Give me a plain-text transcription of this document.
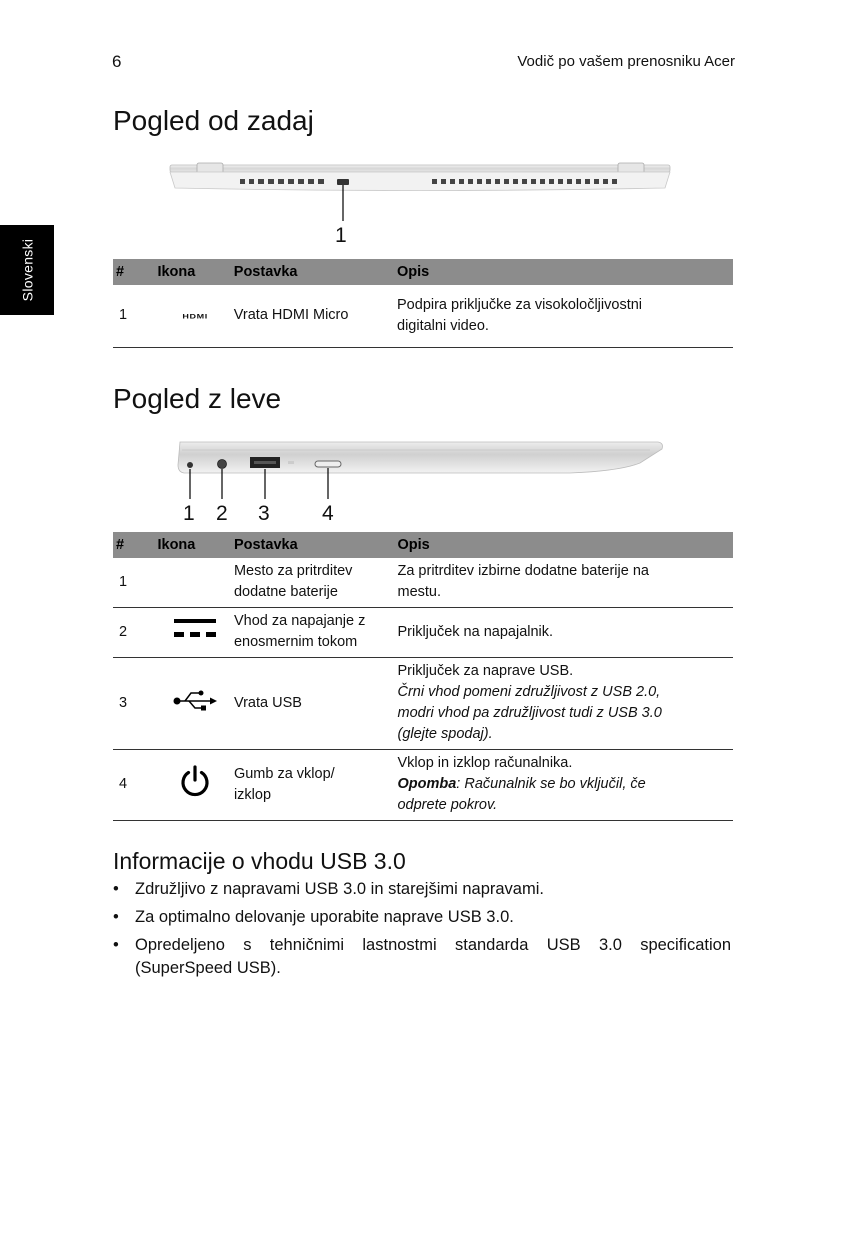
6	Vodič po vašem prenosniku Acer
Slovenski
Pogled od zadaj
1
#	Ikona	Postavka	Opis
1	HDMI	Vrata HDMI Micro	Podpira priključke za visokoločljivostni
digitalni video.
Pogled z leve
1 2 3 4
#	Ikona	Postavka	Opis
1		Mesto za pritrditev
dodatne baterije	Za pritrditev izbirne dodatne baterije na
mestu.

2		Vhod za napajanje z
enosmernim tokom	Priključek na napajalnik.

3		Vrata USB	Priključek za naprave USB.
Črni vhod pomeni združljivost z USB 2.0,
modri vhod pa združljivost tudi z USB 3.0
(glejte spodaj).

4		Gumb za vklop/
izklop	Vklop in izklop računalnika.
Opomba: Računalnik se bo vključil, če
odprete pokrov.
Informacije o vhodu USB 3.0
• Združljivo z napravami USB 3.0 in starejšimi napravami.
• Za optimalno delovanje uporabite naprave USB 3.0.
• Opredeljeno s tehničnimi lastnostmi standarda USB 3.0 specification (SuperSpeed USB).
